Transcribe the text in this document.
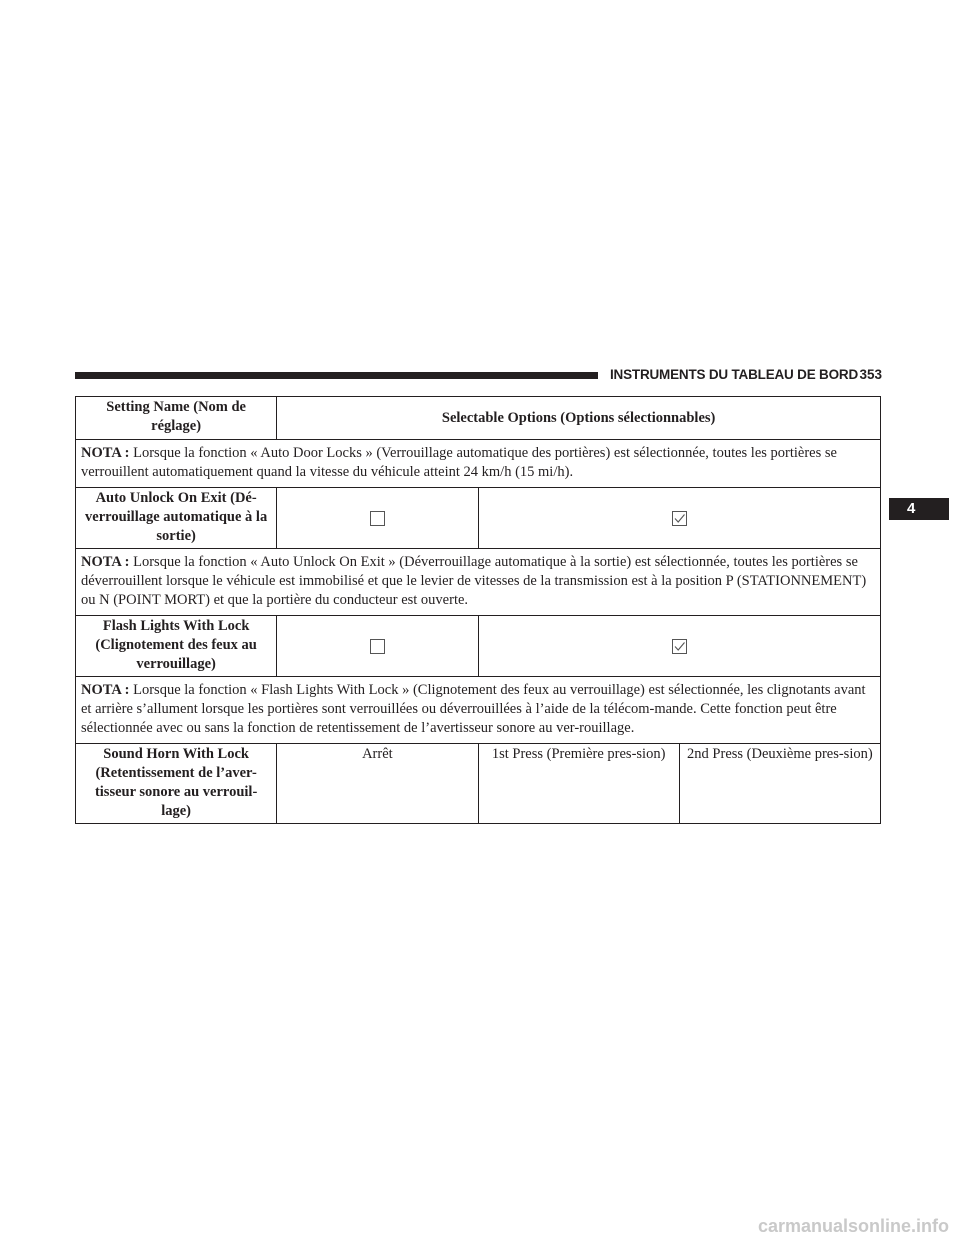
INSTRUMENTS DU TABLEAU DE BORD 353
4
Setting Name (Nom de réglage)	Selectable Options (Options sélectionnables)		
NOTA : Lorsque la fonction « Auto Door Locks » (Verrouillage automatique des portières) est sélectionnée, toutes les portières se verrouillent automatiquement quand la vitesse du véhicule atteint 24 km/h (15 mi/h).			
Auto Unlock On Exit (Dé-verrouillage automatique à la sortie)		
NOTA : Lorsque la fonction « Auto Unlock On Exit » (Déverrouillage automatique à la sortie) est sélectionnée, toutes les portières se déverrouillent lorsque le véhicule est immobilisé et que le levier de vitesses de la transmission est à la position P (STATIONNEMENT) ou N (POINT MORT) et que la portière du conducteur est ouverte.			
Flash Lights With Lock (Clignotement des feux au verrouillage)		
NOTA : Lorsque la fonction « Flash Lights With Lock » (Clignotement des feux au verrouillage) est sélectionnée, les clignotants avant et arrière s’allument lorsque les portières sont verrouillées ou déverrouillées à l’aide de la télécom-mande. Cette fonction peut être sélectionnée avec ou sans la fonction de retentissement de l’avertisseur sonore au ver-rouillage.			
Sound Horn With Lock (Retentissement de l’aver-tisseur sonore au verrouil-lage)	Arrêt	1st Press (Première pres-sion)	2nd Press (Deuxième pres-sion)
carmanualsonline.info
